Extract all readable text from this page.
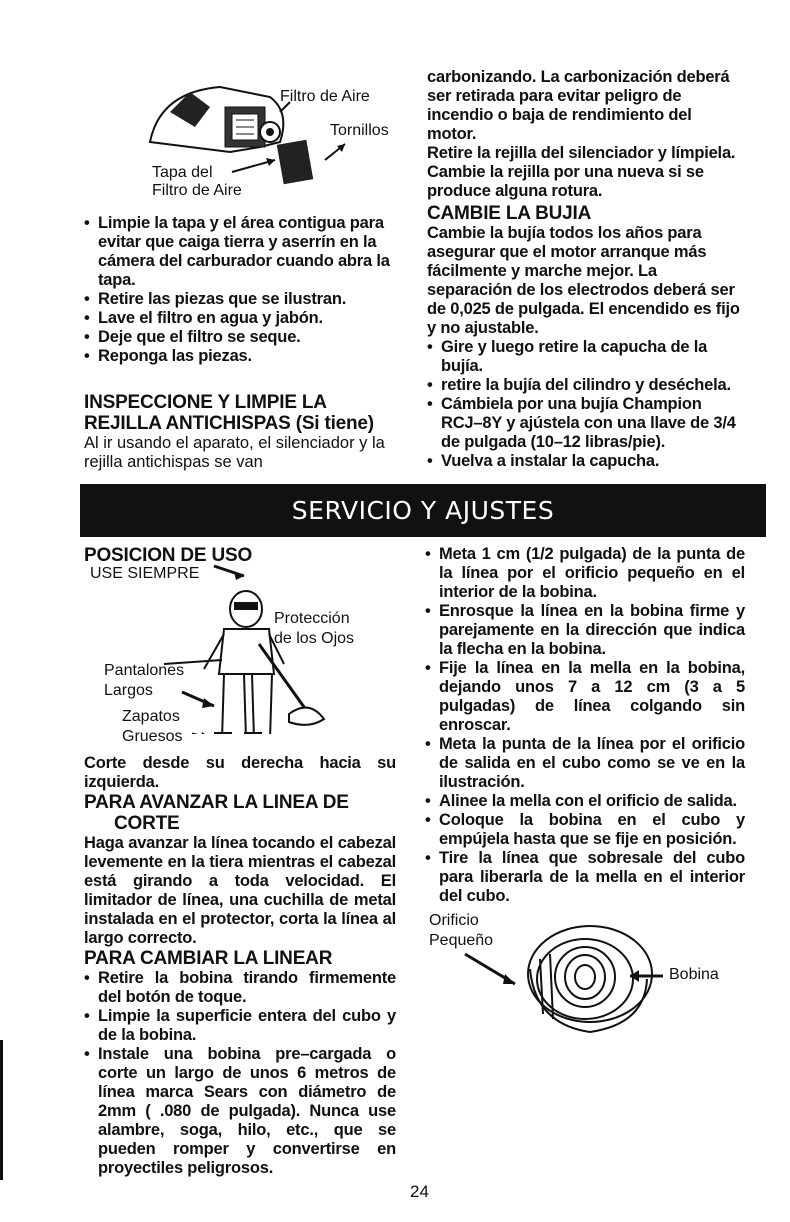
Filtro de Aire
Tornillos
Tapa del
Filtro de Aire
• Limpie la tapa y el área contigua para evitar que caiga tierra y aserrín en la cámera del carburador cuando abra la tapa.
• Retire las piezas que se ilustran.
• Lave el filtro en agua y jabón.
• Deje que el filtro se seque.
• Reponga las piezas.
INSPECCIONE Y LIMPIE LA REJILLA ANTICHISPAS (Si tiene)

Al ir usando el aparato, el silenciador y la rejilla antichispas se van

carbonizando. La carbonización deberá ser retirada para evitar peligro de incendio o baja de rendimiento del motor.

Retire la rejilla del silenciador y límpiela. Cambie la rejilla por una nueva si se produce alguna rotura.

CAMBIE LA BUJIA

Cambie la bujía todos los años para asegurar que el motor arranque más fácilmente y marche mejor. La separación de los electrodos deberá ser de 0,025 de pulgada. El encendido es fijo y no ajustable.

• Gire y luego retire la capucha de la bujía.
• retire la bujía del cilindro y deséchela.
• Cámbiela por una bujía Champion RCJ–8Y y ajústela con una llave de 3/4 de pulgada (10–12 libras/pie).
• Vuelva a instalar la capucha.
SERVICIO Y AJUSTES
POSICION DE USO
USE SIEMPRE
Protección
de los Ojos
Pantalones
Largos
Zapatos
Gruesos

Corte desde su derecha hacia su izquierda.

PARA AVANZAR LA LINEA DE
CORTE

Haga avanzar la línea tocando el cabezal levemente en la tiera mientras el cabezal está girando a toda velocidad. El limitador de línea, una cuchilla de metal instalada en el protector, corta la línea al largo correcto.

PARA CAMBIAR LA LINEAR
• Retire la bobina tirando firmemente del botón de toque.
• Limpie la superficie entera del cubo y de la bobina.
• Instale una bobina pre–cargada o corte un largo de unos 6 metros de línea marca Sears con diámetro de 2mm ( .080 de pulgada). Nunca use alambre, soga, hilo, etc., que se pueden romper y convertirse en proyectiles peligrosos.
• Meta 1 cm (1/2 pulgada) de la punta de la línea por el orificio pequeño en el interior de la bobina.
• Enrosque la línea en la bobina firme y parejamente en la dirección que indica la flecha en la bobina.
• Fije la línea en la mella en la bobina, dejando unos 7 a 12 cm (3 a 5 pulgadas) de línea colgando sin enroscar.
• Meta la punta de la línea por el orificio de salida en el cubo como se ve en la ilustración.
• Alinee la mella con el orificio de salida.
• Coloque la bobina en el cubo y empújela hasta que se fije en posición.
• Tire la línea que sobresale del cubo para liberarla de la mella en el interior del cubo.
Orificio
Pequeño
Bobina
24
